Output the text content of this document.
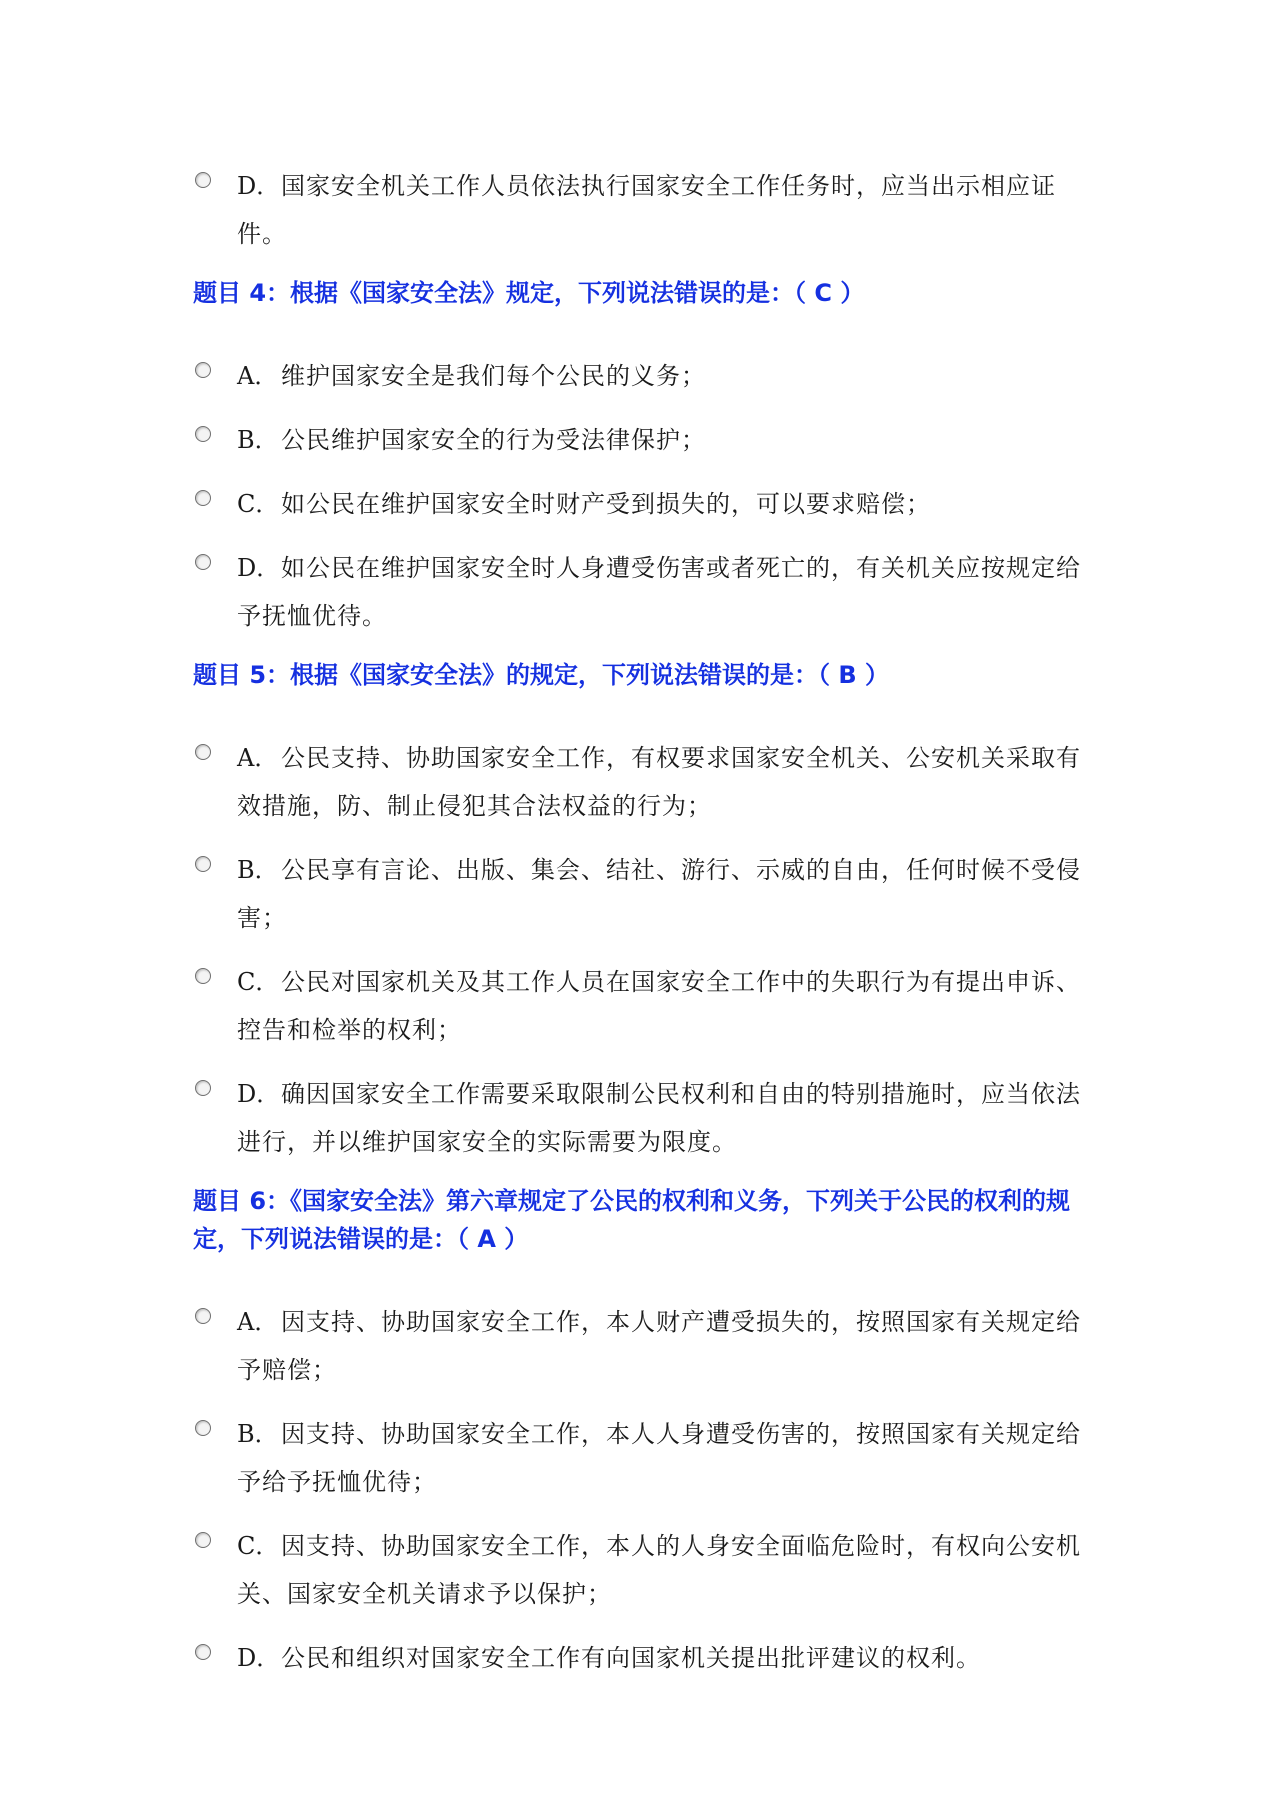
D．国家安全机关工作人员依法执行国家安全工作任务时，应当出示相应证件。
题目 4：根据《国家安全法》规定，下列说法错误的是：（ C ）
A． 维护国家安全是我们每个公民的义务；
B．公民维护国家安全的行为受法律保护；
C．如公民在维护国家安全时财产受到损失的，可以要求赔偿；
D．如公民在维护国家安全时人身遭受伤害或者死亡的，有关机关应按规定给予抚恤优待。
题目 5：根据《国家安全法》的规定，下列说法错误的是：（ B ）
A． 公民支持、协助国家安全工作，有权要求国家安全机关、公安机关采取有效措施，防、制止侵犯其合法权益的行为；
B．公民享有言论、出版、集会、结社、游行、示威的自由，任何时候不受侵害；
C．公民对国家机关及其工作人员在国家安全工作中的失职行为有提出申诉、控告和检举的权利；
D．确因国家安全工作需要采取限制公民权利和自由的特别措施时，应当依法进行，并以维护国家安全的实际需要为限度。
题目 6：《国家安全法》第六章规定了公民的权利和义务，下列关于公民的权利的规定，下列说法错误的是：（ A ）
A． 因支持、协助国家安全工作，本人财产遭受损失的，按照国家有关规定给予赔偿；
B．因支持、协助国家安全工作，本人人身遭受伤害的，按照国家有关规定给予给予抚恤优待；
C．因支持、协助国家安全工作，本人的人身安全面临危险时，有权向公安机关、国家安全机关请求予以保护；
D．公民和组织对国家安全工作有向国家机关提出批评建议的权利。
